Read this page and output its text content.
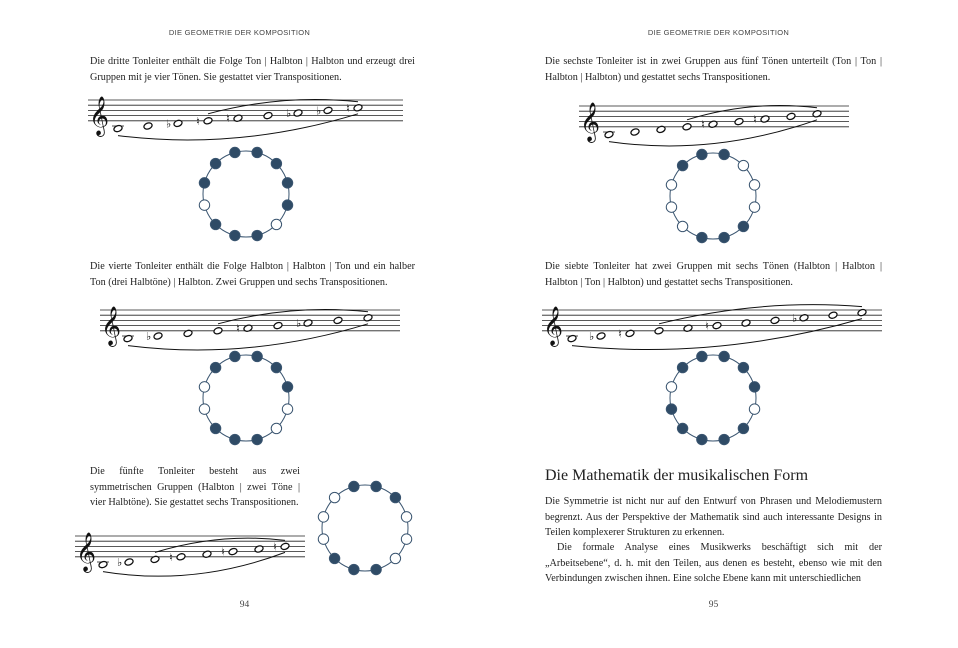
DIE GEOMETRIE DER KOMPOSITION

Die dritte Tonleiter enthält die Folge Ton | Halbton | Halbton und erzeugt drei Gruppen mit je vier Tönen. Sie gestattet vier Transpositionen.

𝄞	♭ ♮ ♮	♭ ♭ ♮

Die vierte Tonleiter enthält die Folge Halbton | Halbton | Ton und ein halber Ton (drei Halbtöne) | Halbton. Zwei Gruppen und sechs Transpositionen.

𝄞 ♭
♮	♭

Die fünfte Tonleiter besteht aus zwei symmetrischen Gruppen (Halbton | zwei Töne | vier Halbtöne). Sie gestattet sechs Transpositionen.

𝄞 ♭	♮	♮	♮
94
DIE GEOMETRIE DER KOMPOSITION

Die sechste Tonleiter ist in zwei Gruppen aus fünf Tönen unterteilt (Ton | Ton | Halbton | Halbton) und gestattet sechs Transpositionen.

𝄞	♮	♮

Die siebte Tonleiter hat zwei Gruppen mit sechs Tönen (Halbton | Halbton | Halbton | Ton | Halbton) und gestattet sechs Transpositionen.

𝄞 ♭ ♮
♮
♭
Die Mathematik der musikalischen Form

Die Symmetrie ist nicht nur auf den Entwurf von Phrasen und Melodiemustern begrenzt. Aus der Perspektive der Mathematik sind auch interessante Designs in Teilen komplexerer Strukturen zu erkennen.

Die formale Analyse eines Musikwerks beschäftigt sich mit der „Arbeitsebene“, d. h. mit den Teilen, aus denen es besteht, ebenso wie mit den Verbindungen zwischen ihnen. Eine solche Ebene kann mit unterschiedlichen

95
